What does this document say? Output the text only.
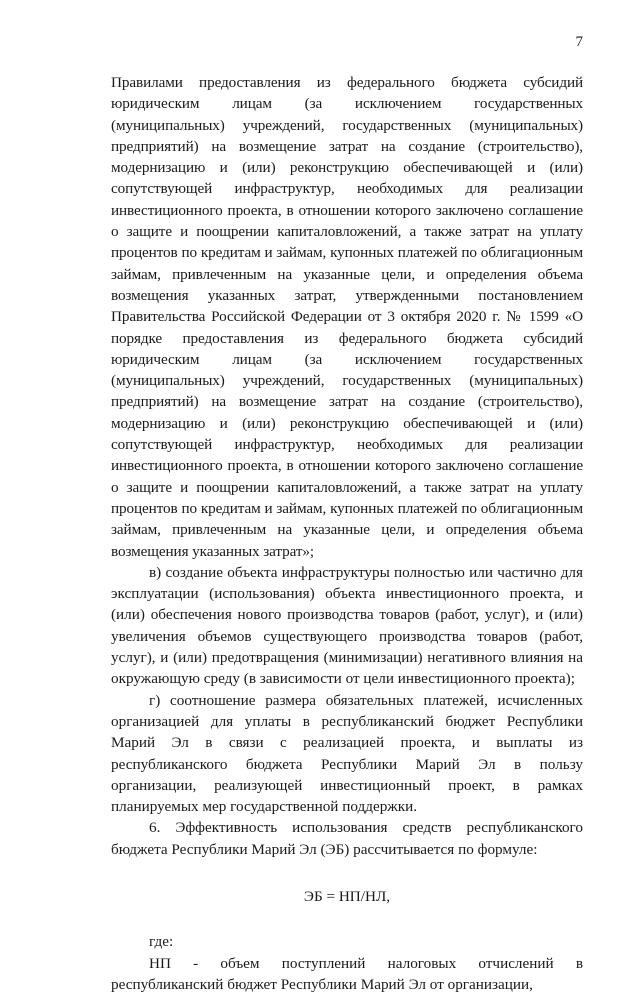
7

Правилами предоставления из федерального бюджета субсидий юридическим лицам (за исключением государственных (муниципальных) учреждений, государственных (муниципальных) предприятий) на возмещение затрат на создание (строительство), модернизацию и (или) реконструкцию обеспечивающей и (или) сопутствующей инфраструктур, необходимых для реализации инвестиционного проекта, в отношении которого заключено соглашение о защите и поощрении капиталовложений, а также затрат на уплату процентов по кредитам и займам, купонных платежей по облигационным займам, привлеченным на указанные цели, и определения объема возмещения указанных затрат, утвержденными постановлением Правительства Российской Федерации от 3 октября 2020 г. № 1599 «О порядке предоставления из федерального бюджета субсидий юридическим лицам (за исключением государственных (муниципальных) учреждений, государственных (муниципальных) предприятий) на возмещение затрат на создание (строительство), модернизацию и (или) реконструкцию обеспечивающей и (или) сопутствующей инфраструктур, необходимых для реализации инвестиционного проекта, в отношении которого заключено соглашение о защите и поощрении капиталовложений, а также затрат на уплату процентов по кредитам и займам, купонных платежей по облигационным займам, привлеченным на указанные цели, и определения объема возмещения указанных затрат»;

в) создание объекта инфраструктуры полностью или частично для эксплуатации (использования) объекта инвестиционного проекта, и (или) обеспечения нового производства товаров (работ, услуг), и (или) увеличения объемов существующего производства товаров (работ, услуг), и (или) предотвращения (минимизации) негативного влияния на окружающую среду (в зависимости от цели инвестиционного проекта);

г) соотношение размера обязательных платежей, исчисленных организацией для уплаты в республиканский бюджет Республики Марий Эл в связи с реализацией проекта, и выплаты из республиканского бюджета Республики Марий Эл в пользу организации, реализующей инвестиционный проект, в рамках планируемых мер государственной поддержки.

6. Эффективность использования средств республиканского бюджета Республики Марий Эл (ЭБ) рассчитывается по формуле:

ЭБ = НП/НЛ,

где:

НП - объем поступлений налоговых отчислений в республиканский бюджет Республики Марий Эл от организации,
